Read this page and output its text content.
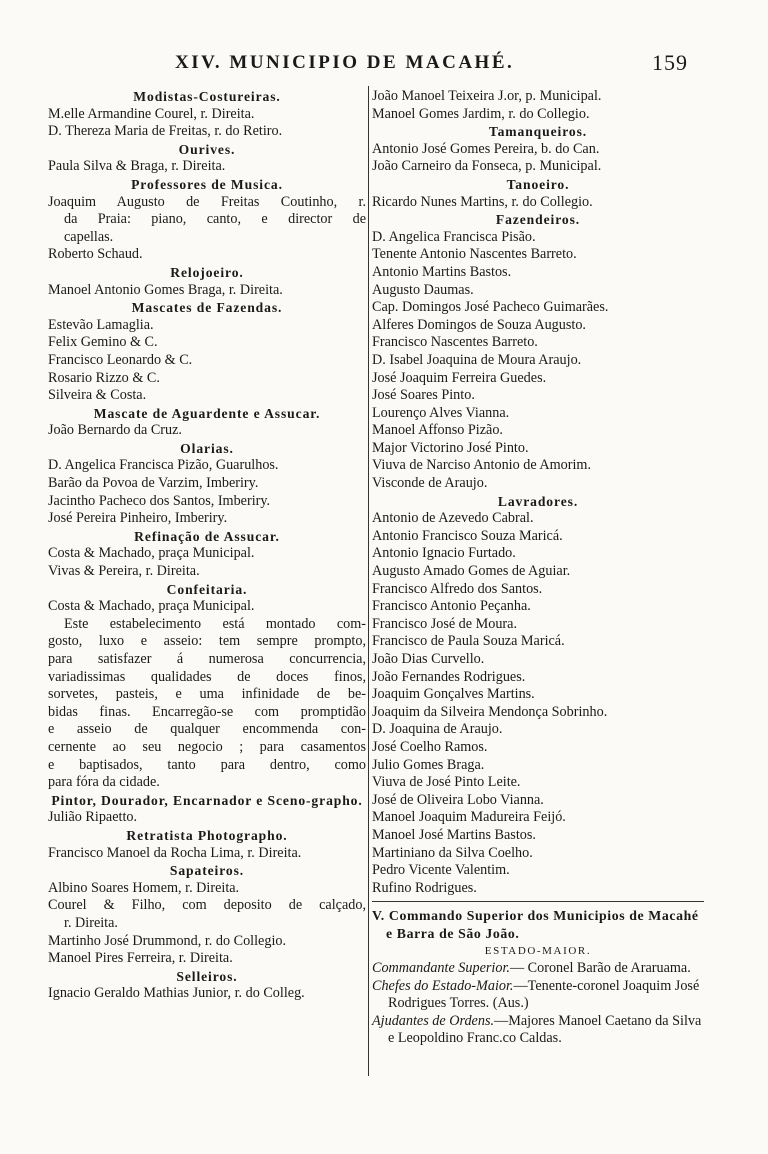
XIV. MUNICIPIO DE MACAHÉ.	159
Modistas-Costureiras.
M.elle Armandine Courel, r. Direita.
D. Thereza Maria de Freitas, r. do Retiro.
Ourives.
Paula Silva & Braga, r. Direita.
Professores de Musica.
Joaquim Augusto de Freitas Coutinho, r.
da Praia: piano, canto, e director de
capellas.
Roberto Schaud.
Relojoeiro.
Manoel Antonio Gomes Braga, r. Direita.
Mascates de Fazendas.
Estevão Lamaglia.
Felix Gemino & C.
Francisco Leonardo & C.
Rosario Rizzo & C.
Silveira & Costa.
Mascate de Aguardente e Assucar.
João Bernardo da Cruz.
Olarias.
D. Angelica Francisca Pizão, Guarulhos.
Barão da Povoa de Varzim, Imberiry.
Jacintho Pacheco dos Santos, Imberiry.
José Pereira Pinheiro, Imberiry.
Refinação de Assucar.
Costa & Machado, praça Municipal.
Vivas & Pereira, r. Direita.
Confeitaria.
Costa & Machado, praça Municipal.
Este estabelecimento está montado com-
gosto, luxo e asseio: tem sempre prompto,
para satisfazer á numerosa concurrencia,
variadissimas qualidades de doces finos,
sorvetes, pasteis, e uma infinidade de be-
bidas finas. Encarregão-se com promptidão
e asseio de qualquer encommenda con-
cernente ao seu negocio ; para casamentos
e baptisados, tanto para dentro, como
para fóra da cidade.
Pintor, Dourador, Encarnador e Sceno-grapho.
Julião Ripaetto.
Retratista Photographo.
Francisco Manoel da Rocha Lima, r. Direita.
Sapateiros.
Albino Soares Homem, r. Direita.
Courel & Filho, com deposito de calçado,
r. Direita.
Martinho José Drummond, r. do Collegio.
Manoel Pires Ferreira, r. Direita.
Selleiros.
Ignacio Geraldo Mathias Junior, r. do Colleg.
João Manoel Teixeira J.or, p. Municipal.
Manoel Gomes Jardim, r. do Collegio.
Tamanqueiros.
Antonio José Gomes Pereira, b. do Can.
João Carneiro da Fonseca, p. Municipal.
Tanoeiro.
Ricardo Nunes Martins, r. do Collegio.
Fazendeiros.
D. Angelica Francisca Pisão.
Tenente Antonio Nascentes Barreto.
Antonio Martins Bastos.
Augusto Daumas.
Cap. Domingos José Pacheco Guimarães.
Alferes Domingos de Souza Augusto.
Francisco Nascentes Barreto.
D. Isabel Joaquina de Moura Araujo.
José Joaquim Ferreira Guedes.
José Soares Pinto.
Lourenço Alves Vianna.
Manoel Affonso Pizão.
Major Victorino José Pinto.
Viuva de Narciso Antonio de Amorim.
Visconde de Araujo.
Lavradores.
Antonio de Azevedo Cabral.
Antonio Francisco Souza Maricá.
Antonio Ignacio Furtado.
Augusto Amado Gomes de Aguiar.
Francisco Alfredo dos Santos.
Francisco Antonio Peçanha.
Francisco José de Moura.
Francisco de Paula Souza Maricá.
João Dias Curvello.
João Fernandes Rodrigues.
Joaquim Gonçalves Martins.
Joaquim da Silveira Mendonça Sobrinho.
D. Joaquina de Araujo.
José Coelho Ramos.
Julio Gomes Braga.
Viuva de José Pinto Leite.
José de Oliveira Lobo Vianna.
Manoel Joaquim Madureira Feijó.
Manoel José Martins Bastos.
Martiniano da Silva Coelho.
Pedro Vicente Valentim.
Rufino Rodrigues.
V. Commando Superior dos Municipios de Macahé e Barra de São João.
ESTADO-MAIOR.
Commandante Superior.— Coronel Barão de Araruama.
Chefes do Estado-Maior.—Tenente-coronel Joaquim José Rodrigues Torres. (Aus.)
Ajudantes de Ordens.—Majores Manoel Caetano da Silva e Leopoldino Franc.co Caldas.
